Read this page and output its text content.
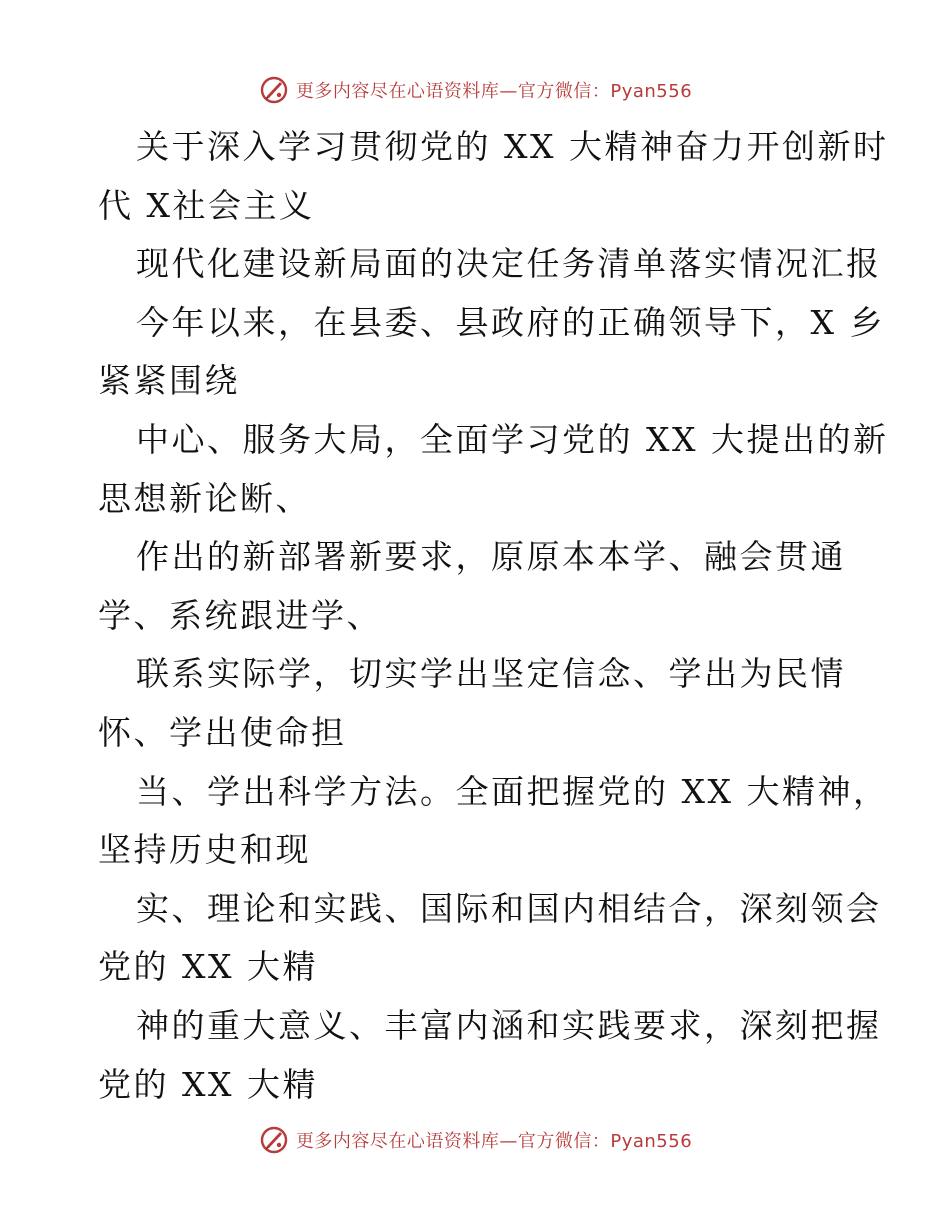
更多内容尽在心语资料库—官方微信：Pyan556
关于深入学习贯彻党的 XX 大精神奋力开创新时
代 X社会主义
现代化建设新局面的决定任务清单落实情况汇报
今年以来，在县委、县政府的正确领导下，X 乡
紧紧围绕
中心、服务大局，全面学习党的 XX 大提出的新
思想新论断、
作出的新部署新要求，原原本本学、融会贯通
学、系统跟进学、
联系实际学，切实学出坚定信念、学出为民情
怀、学出使命担
当、学出科学方法。全面把握党的 XX 大精神，
坚持历史和现
实、理论和实践、国际和国内相结合，深刻领会
党的 XX 大精
神的重大意义、丰富内涵和实践要求，深刻把握
党的 XX 大精
更多内容尽在心语资料库—官方微信：Pyan556
